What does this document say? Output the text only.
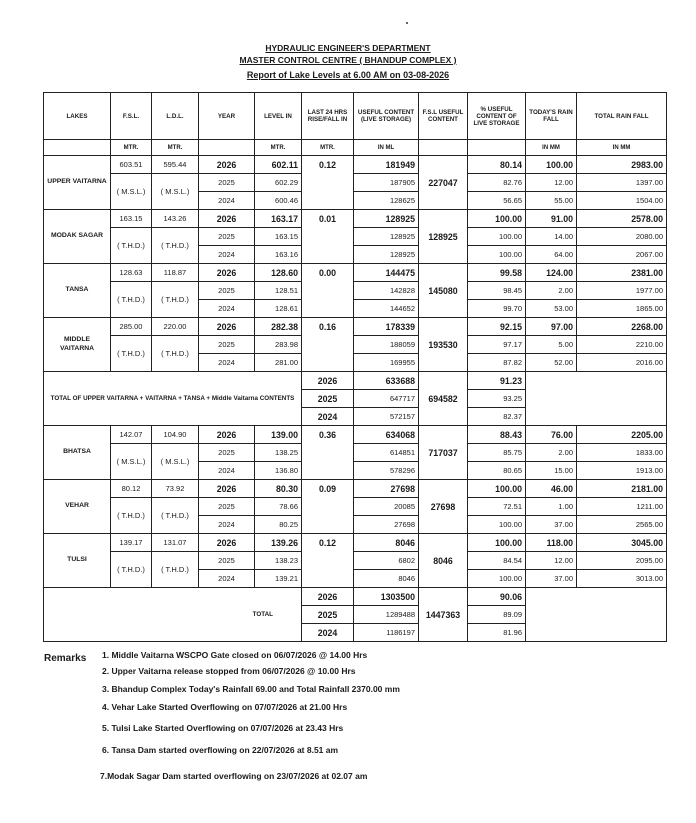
HYDRAULIC ENGINEER'S DEPARTMENT
MASTER CONTROL CENTRE ( BHANDUP COMPLEX )
Report of Lake Levels at 6.00 AM on 03-08-2026
LAKES	F.S.L.	L.D.L.	YEAR	LEVEL IN	LAST 24 HRS RISE/FALL IN	USEFUL CONTENT (LIVE STORAGE)	F.S.L USEFUL CONTENT	% USEFUL CONTENT OF LIVE STORAGE	TODAY'S RAIN FALL	TOTAL RAIN FALL
	MTR.	MTR.		MTR.	MTR.	IN ML			IN MM	IN MM
UPPER VAITARNA	603.51	595.44	2026	602.11	0.12	181949	227047	80.14	100.00	2983.00
	( M.S.L.)	( M.S.L.)	2025	602.29		187905		82.76	12.00	1397.00
			2024	600.46		128625		56.65	55.00	1504.00
MODAK SAGAR	163.15	143.26	2026	163.17	0.01	128925	128925	100.00	91.00	2578.00
	( T.H.D.)	( T.H.D.)	2025	163.15		128925		100.00	14.00	2080.00
			2024	163.16		128925		100.00	64.00	2067.00
TANSA	128.63	118.87	2026	128.60	0.00	144475	145080	99.58	124.00	2381.00
	( T.H.D.)	( T.H.D.)	2025	128.51		142828		98.45	2.00	1977.00
			2024	128.61		144652		99.70	53.00	1865.00
MIDDLE VAITARNA	285.00	220.00	2026	282.38	0.16	178339	193530	92.15	97.00	2268.00
	( T.H.D.)	( T.H.D.)	2025	283.98		188059		97.17	5.00	2210.00
			2024	281.00		169955		87.82	52.00	2016.00
TOTAL OF UPPER VAITARNA + VAITARNA + TANSA + Middle Vaitarna CONTENTS					2026	633688	694582	91.23		
					2025	647717		93.25		
					2024	572157		82.37		
BHATSA	142.07	104.90	2026	139.00	0.36	634068	717037	88.43	76.00	2205.00
	( M.S.L.)	( M.S.L.)	2025	138.25		614851		85.75	2.00	1833.00
			2024	136.80		578296		80.65	15.00	1913.00
VEHAR	80.12	73.92	2026	80.30	0.09	27698	27698	100.00	46.00	2181.00
	( T.H.D.)	( T.H.D.)	2025	78.66		20085		72.51	1.00	1211.00
			2024	80.25		27698		100.00	37.00	2565.00
TULSI	139.17	131.07	2026	139.26	0.12	8046	8046	100.00	118.00	3045.00
	( T.H.D.)	( T.H.D.)	2025	138.23		6802		84.54	12.00	2095.00
			2024	139.21		8046		100.00	37.00	3013.00
TOTAL					2026	1303500	1447363	90.06		
					2025	1289488		89.09		
					2024	1186197		81.96		
Remarks 1. Middle Vaitarna WSCPO Gate closed on 06/07/2026 @ 14.00 Hrs
2. Upper Vaitarna release stopped from 06/07/2026 @ 10.00 Hrs
3. Bhandup Complex Today's Rainfall 69.00 and Total Rainfall 2370.00 mm
4. Vehar Lake Started Overflowing on 07/07/2026 at 21.00 Hrs
5. Tulsi Lake Started Overflowing on 07/07/2026 at 23.43 Hrs
6. Tansa Dam started overflowing on 22/07/2026 at 8.51 am
7.Modak Sagar Dam started overflowing on 23/07/2026 at 02.07 am
